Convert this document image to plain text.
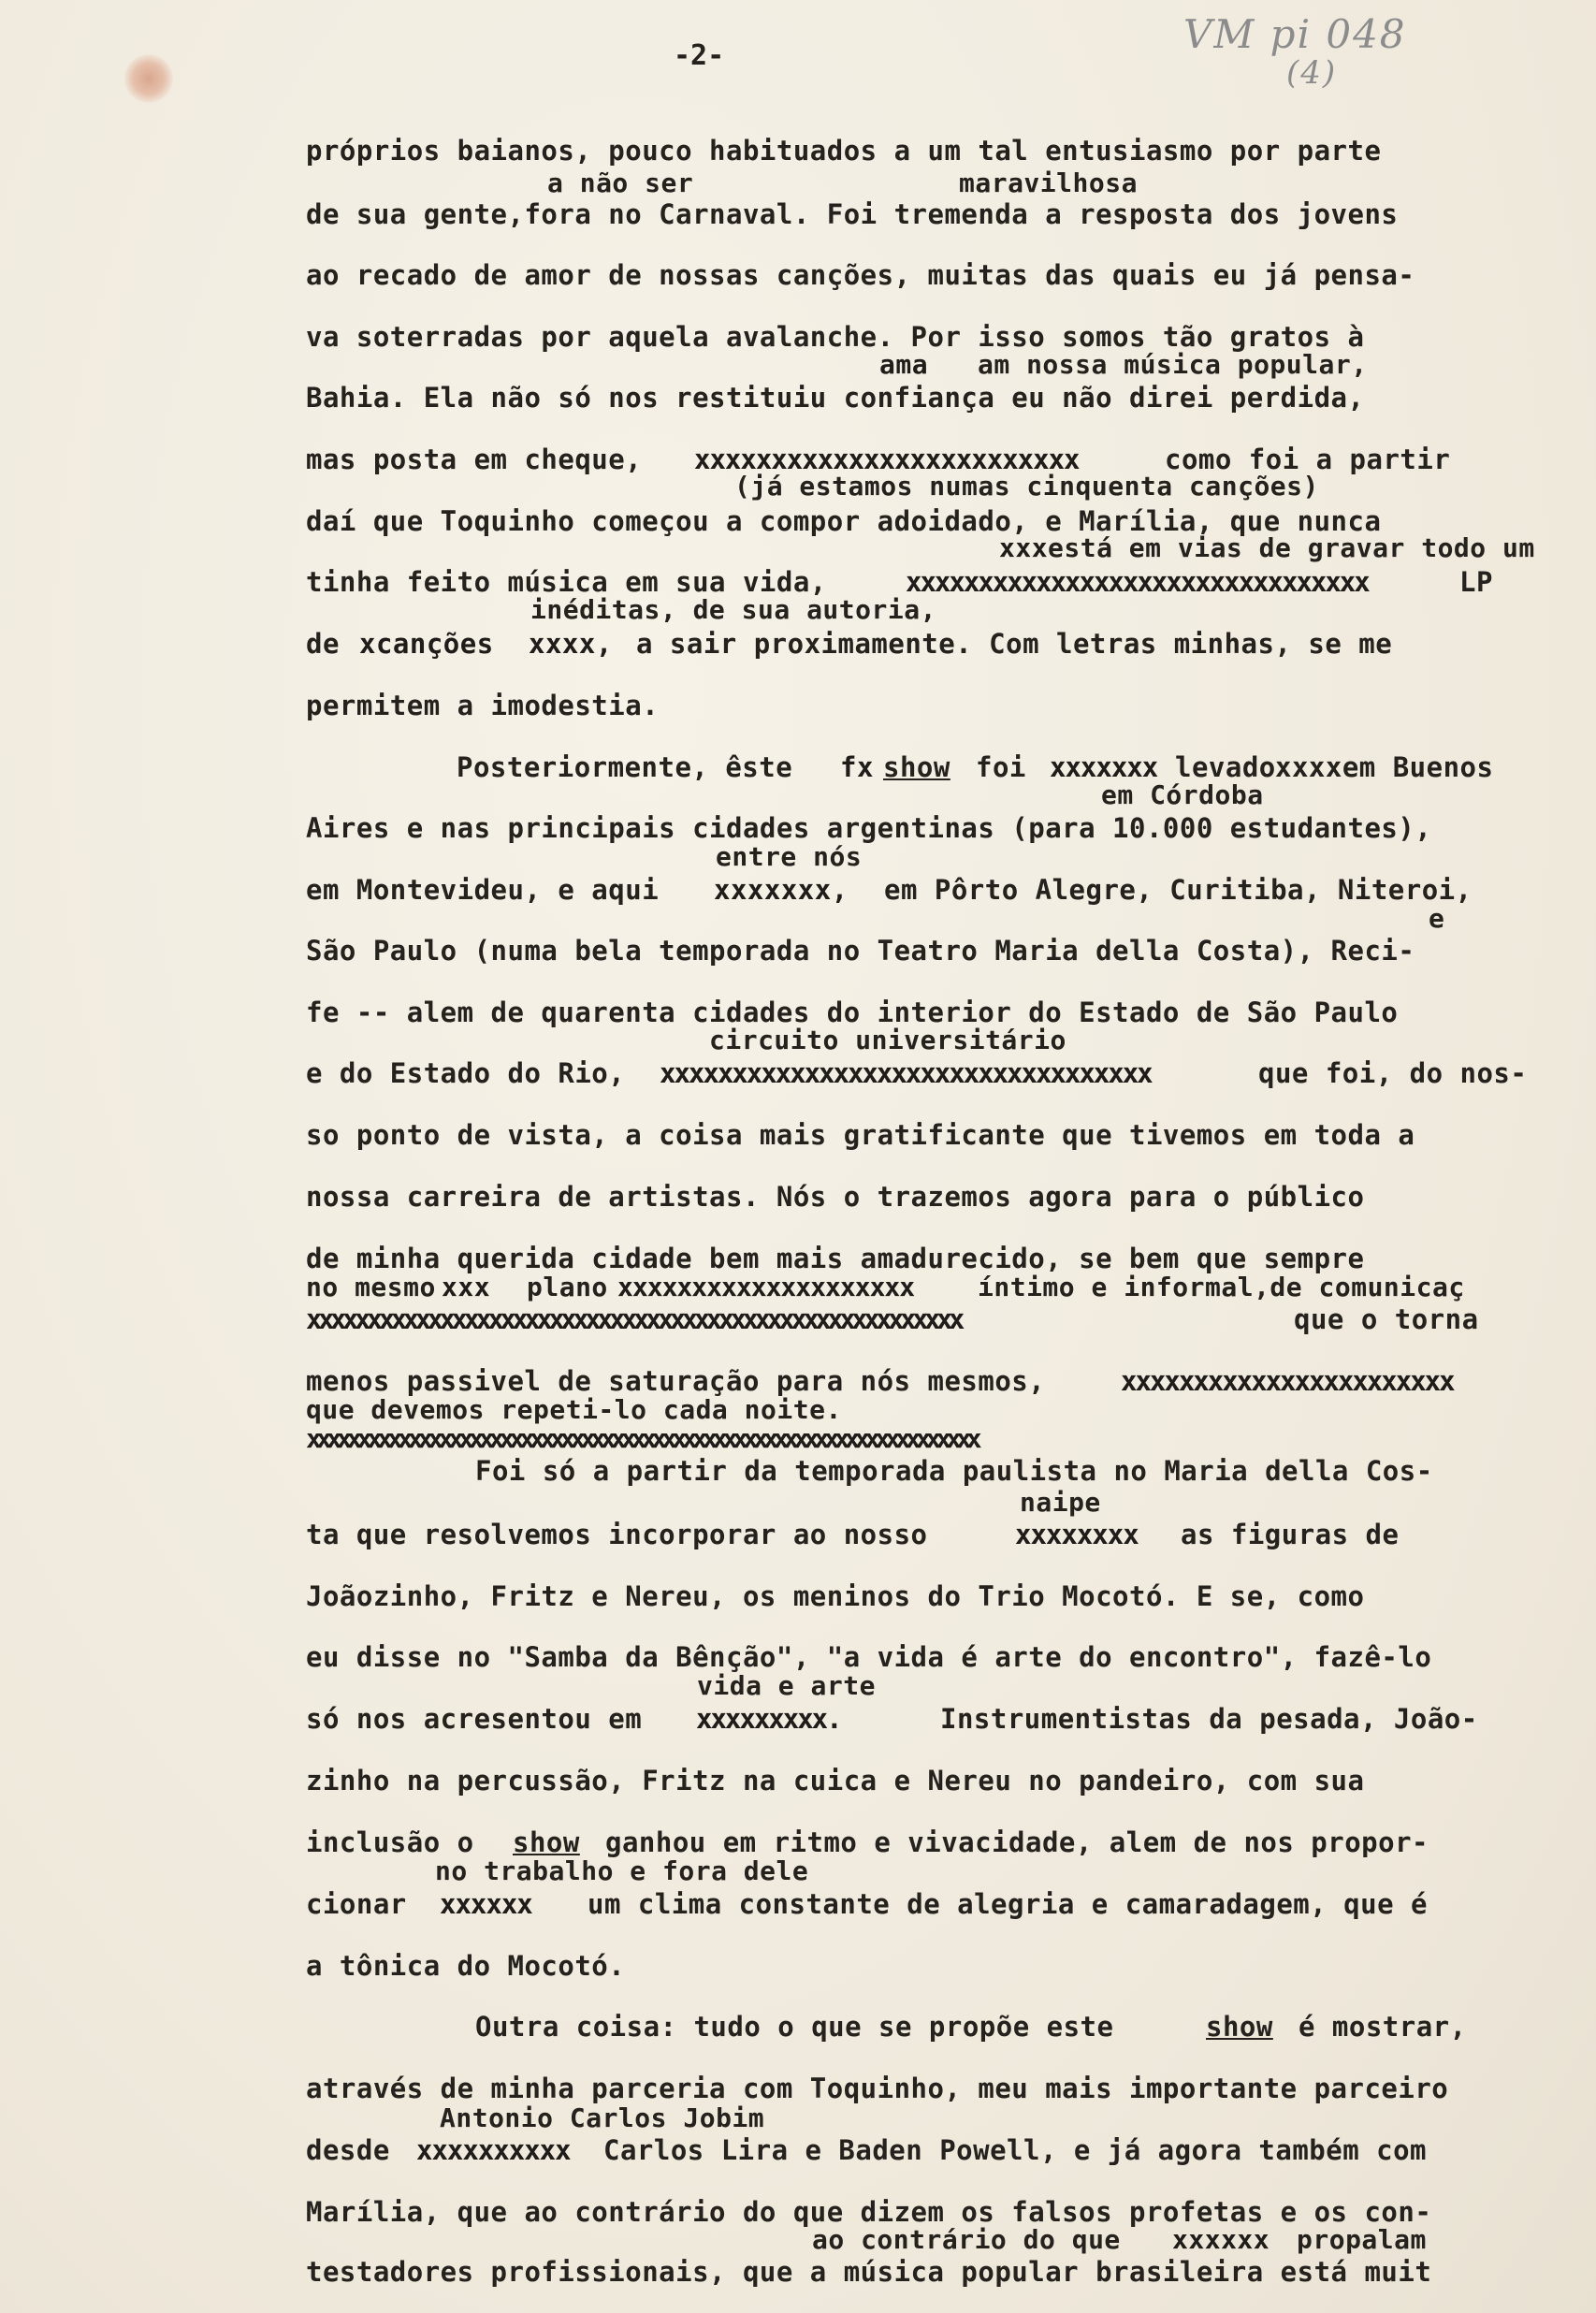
-2-	VM pi 048

(4)

próprios baianos, pouco habituados a um tal entusiasmo por parte

a não ser	maravilhosa

de sua gente,fora no Carnaval. Foi tremenda a resposta dos jovens

ao recado de amor de nossas canções, muitas das quais eu já pensa-

va soterradas por aquela avalanche. Por isso somos tão gratos à

ama am nossa música popular,

Bahia. Ela não só nos restituiu confiança eu não direi perdida,

mas posta em cheque, xxxxxxxxxxxxxxxxxxxxxxxxx	como foi a partir

(já estamos numas cinquenta canções)

daí que Toquinho começou a compor adoidado, e Marília, que nunca

xxx está em vias de gravar todo um

tinha feito música em sua vida,	xxxxxxxxxxxxxxxxxxxxxxxxxxxxxxxx	LP

inéditas, de sua autoria,

de xcanções xxxx, a sair proximamente. Com letras minhas, se me

permitem a imodestia.

Posteriormente, êste fx show foi xxxxxxx levado xxxxem Buenos

em Córdoba

Aires e nas principais cidades argentinas (para 10.000 estudantes),

entre nós

em Montevideu, e aqui xxxxxxx, em Pôrto Alegre, Curitiba, Niteroi,

e

São Paulo (numa bela temporada no Teatro Maria della Costa), Reci-

fe -- alem de quarenta cidades do interior do Estado de São Paulo

circuito universitário

e do Estado do Rio, xxxxxxxxxxxxxxxxxxxxxxxxxxxxxxxxxx	que foi, do nos-

so ponto de vista, a coisa mais gratificante que tivemos em toda a

nossa carreira de artistas. Nós o trazemos agora para o público

de minha querida cidade bem mais amadurecido, se bem que sempre

no mesmo xxx plano xxxxxxxxxxxxxxxxxxxx íntimo e informal,de comunicaç

xxxxxxxxxxxxxxxxxxxxxxxxxxxxxxxxxxxxxxxxxxxxxxxxxxxxxx	que o torna

menos passivel de saturação para nós mesmos,	xxxxxxxxxxxxxxxxxxxxxxx

que devemos repeti-lo cada noite.

xxxxxxxxxxxxxxxxxxxxxxxxxxxxxxxxxxxxxxxxxxxxxxxxxxxxxxxxxxxxxxxxxx

Foi só a partir da temporada paulista no Maria della Cos-

naipe

ta que resolvemos incorporar ao nosso	xxxxxxxx as figuras de

Joãozinho, Fritz e Nereu, os meninos do Trio Mocotó. E se, como

eu disse no "Samba da Bênção", "a vida é arte do encontro", fazê-lo

vida e arte

só nos acresentou em xxxxxxxxx.	Instrumentistas da pesada, João-

zinho na percussão, Fritz na cuica e Nereu no pandeiro, com sua

inclusão o show ganhou em ritmo e vivacidade, alem de nos propor-

no trabalho e fora dele

cionar xxxxxx um clima constante de alegria e camaradagem, que é

a tônica do Mocotó.

Outra coisa: tudo o que se propõe este	show é mostrar,

através de minha parceria com Toquinho, meu mais importante parceiro

Antonio Carlos Jobim

desde xxxxxxxxxx Carlos Lira e Baden Powell, e já agora também com

Marília, que ao contrário do que dizem os falsos profetas e os con-

ao contrário do que xxxxxx propalam

testadores profissionais, que a música popular brasileira está muit
